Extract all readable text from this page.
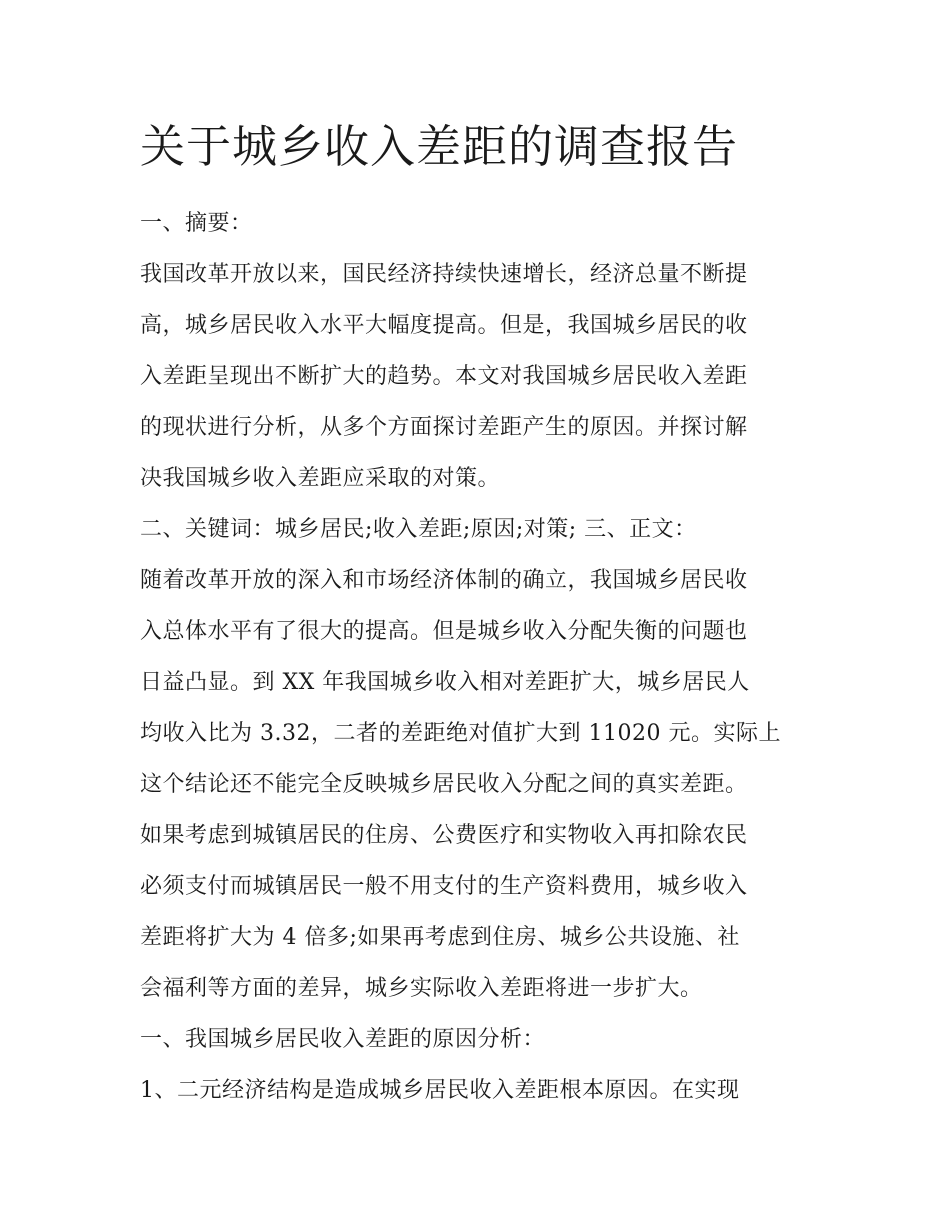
关于城乡收入差距的调查报告
一、摘要：
我国改革开放以来，国民经济持续快速增长，经济总量不断提
高，城乡居民收入水平大幅度提高。但是，我国城乡居民的收
入差距呈现出不断扩大的趋势。本文对我国城乡居民收入差距
的现状进行分析，从多个方面探讨差距产生的原因。并探讨解
决我国城乡收入差距应采取的对策。
二、关键词：城乡居民;收入差距;原因;对策; 三、正文：
随着改革开放的深入和市场经济体制的确立，我国城乡居民收
入总体水平有了很大的提高。但是城乡收入分配失衡的问题也
日益凸显。到 XX 年我国城乡收入相对差距扩大，城乡居民人
均收入比为 3.32，二者的差距绝对值扩大到 11020 元。实际上
这个结论还不能完全反映城乡居民收入分配之间的真实差距。
如果考虑到城镇居民的住房、公费医疗和实物收入再扣除农民
必须支付而城镇居民一般不用支付的生产资料费用，城乡收入
差距将扩大为 4 倍多;如果再考虑到住房、城乡公共设施、社
会福利等方面的差异，城乡实际收入差距将进一步扩大。
一、我国城乡居民收入差距的原因分析：
1、二元经济结构是造成城乡居民收入差距根本原因。在实现
